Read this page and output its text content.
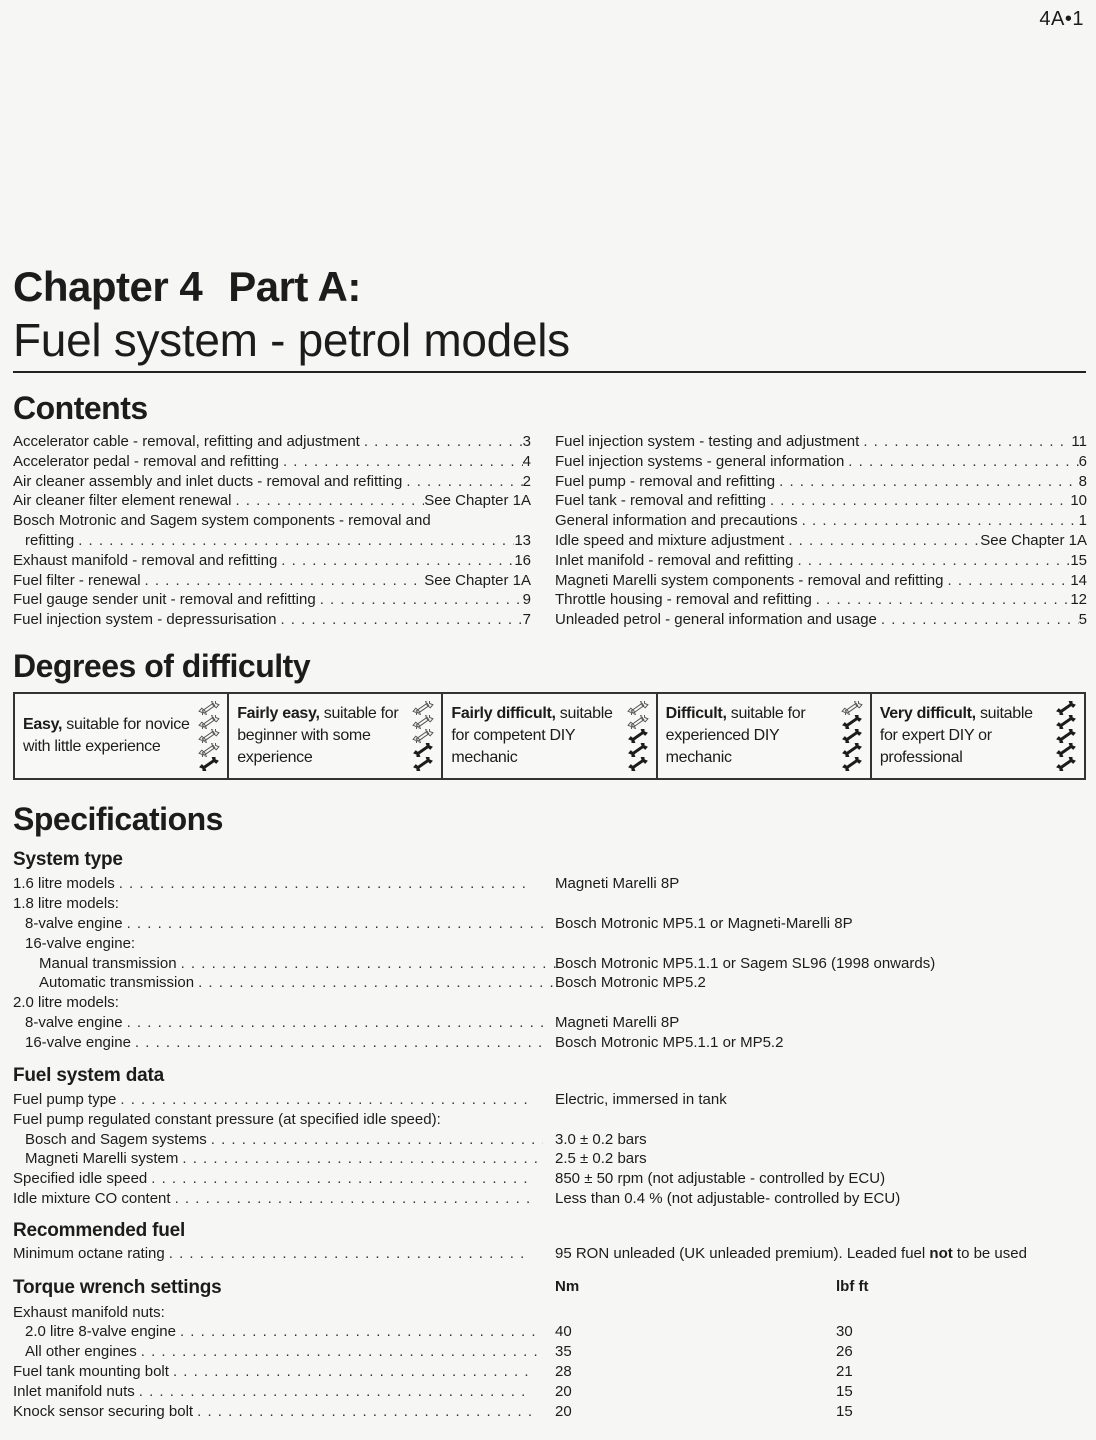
4A•1
Chapter 4 Part A:
Fuel system - petrol models
Contents
Accelerator cable - removal, refitting and adjustment . . .	3
Accelerator pedal - removal and refitting . . .	4
Air cleaner assembly and inlet ducts - removal and refitting . . .	2
Air cleaner filter element renewal . . .	See Chapter 1A
Bosch Motronic and Sagem system components - removal and
refitting . . .	13
Exhaust manifold - removal and refitting . . .	16
Fuel filter - renewal . . .	See Chapter 1A
Fuel gauge sender unit - removal and refitting . . .	9
Fuel injection system - depressurisation . . .	7
Fuel injection system - testing and adjustment . . .	11
Fuel injection systems - general information . . .	6
Fuel pump - removal and refitting . . .	8
Fuel tank - removal and refitting . . .	10
General information and precautions . . .	1
Idle speed and mixture adjustment . . .	See Chapter 1A
Inlet manifold - removal and refitting . . .	15
Magneti Marelli system components - removal and refitting . . .	14
Throttle housing - removal and refitting . . .	12
Unleaded petrol - general information and usage . . .	5
Degrees of difficulty
Easy, suitable for novice with little experience
Fairly easy, suitable for beginner with some experience
Fairly difficult, suitable for competent DIY mechanic
Difficult, suitable for experienced DIY mechanic
Very difficult, suitable for expert DIY or professional
Specifications
System type
1.6 litre models . . .	Magneti Marelli 8P
1.8 litre models:
8-valve engine . . .	Bosch Motronic MP5.1 or Magneti-Marelli 8P
16-valve engine:
Manual transmission . . .	Bosch Motronic MP5.1.1 or Sagem SL96 (1998 onwards)
Automatic transmission . . .	Bosch Motronic MP5.2
2.0 litre models:
8-valve engine . . .	Magneti Marelli 8P
16-valve engine . . .	Bosch Motronic MP5.1.1 or MP5.2
Fuel system data
Fuel pump type . . .	Electric, immersed in tank
Fuel pump regulated constant pressure (at specified idle speed):
Bosch and Sagem systems . . .	3.0 ± 0.2 bars
Magneti Marelli system . . .	2.5 ± 0.2 bars
Specified idle speed . . .	850 ± 50 rpm (not adjustable - controlled by ECU)
Idle mixture CO content . . .	Less than 0.4 % (not adjustable- controlled by ECU)
Recommended fuel
Minimum octane rating . . .	95 RON unleaded (UK unleaded premium). Leaded fuel not to be used
Torque wrench settings	Nm	lbf ft
Exhaust manifold nuts:
2.0 litre 8-valve engine . . .	40	30
All other engines . . .	35	26
Fuel tank mounting bolt . . .	28	21
Inlet manifold nuts . . .	20	15
Knock sensor securing bolt . . .	20	15
